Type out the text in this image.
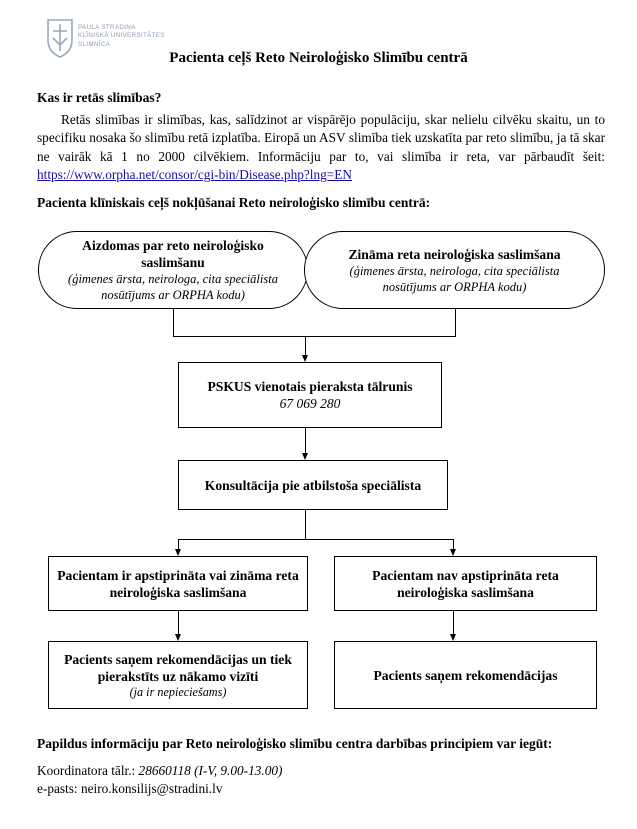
PAULA STRADIŅA
KLĪNISKĀ UNIVERSITĀTES
SLIMNĪCA
Pacienta ceļš Reto Neiroloģisko Slimību centrā
Kas ir retās slimības?
Retās slimības ir slimības, kas, salīdzinot ar vispārējo populāciju, skar nelielu cilvēku skaitu, un to specifiku nosaka šo slimību retā izplatība. Eiropā un ASV slimība tiek uzskatīta par reto slimību, ja tā skar ne vairāk kā 1 no 2000 cilvēkiem. Informāciju par to, vai slimība ir reta, var pārbaudīt šeit: https://www.orpha.net/consor/cgi-bin/Disease.php?lng=EN
Pacienta klīniskais ceļš nokļūšanai Reto neiroloģisko slimību centrā:
Aizdomas par reto neiroloģisko saslimšanu
(ģimenes ārsta, neirologa, cita speciālista nosūtījums ar ORPHA kodu)
Zināma reta neiroloģiska saslimšana
(ģimenes ārsta, neirologa, cita speciālista nosūtījums ar ORPHA kodu)
PSKUS vienotais pieraksta tālrunis
67 069 280
Konsultācija pie atbilstoša speciālista
Pacientam ir apstiprināta vai zināma reta neiroloģiska saslimšana
Pacientam nav apstiprināta reta neiroloģiska saslimšana
Pacients saņem rekomendācijas un tiek pierakstīts uz nākamo vizīti
(ja ir nepieciešams)
Pacients saņem rekomendācijas
Papildus informāciju par Reto neiroloģisko slimību centra darbības principiem var iegūt:
Koordinatora tālr.: 28660118 (I-V, 9.00-13.00)
e-pasts: neiro.konsilijs@stradini.lv
